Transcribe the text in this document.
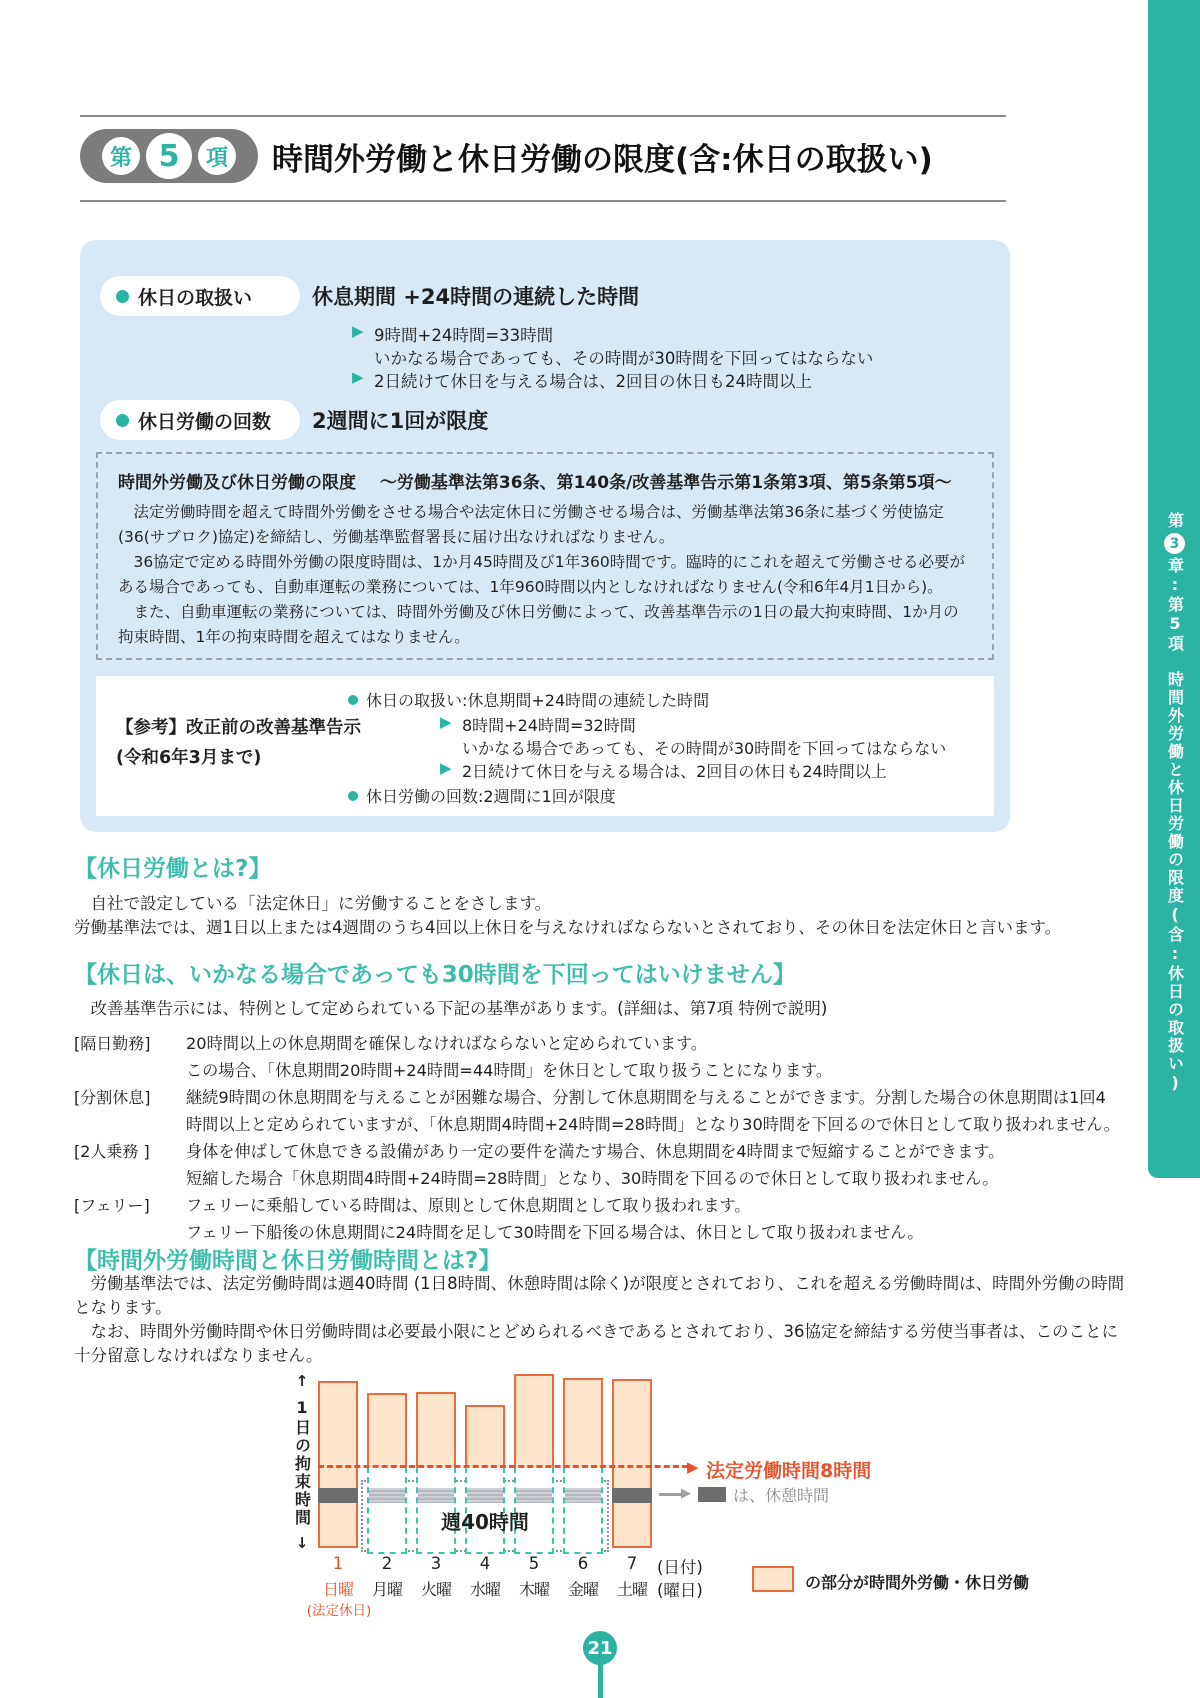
第3章:第5項　時間外労働と休日労働の限度(含:休日の取扱い)
第 5	項 時間外労働と休日労働の限度(含:休日の取扱い)
休日の取扱い	休息期間 +24時間の連続した時間
▶ 9時間+24時間=33時間
いかなる場合であっても、その時間が30時間を下回ってはならない
▶ 2日続けて休日を与える場合は、2回目の休日も24時間以上
休日労働の回数 2週間に1回が限度
時間外労働及び休日労働の限度 〜労働基準法第36条、第140条/改善基準告示第1条第3項、第5条第5項〜

法定労働時間を超えて時間外労働をさせる場合や法定休日に労働させる場合は、労働基準法第36条に基づく労使協定(36(サブロク)協定)を締結し、労働基準監督署長に届け出なければなりません。

36協定で定める時間外労働の限度時間は、1か月45時間及び1年360時間です。臨時的にこれを超えて労働させる必要がある場合であっても、自動車運転の業務については、1年960時間以内としなければなりません(令和6年4月1日から)。

また、自動車運転の業務については、時間外労働及び休日労働によって、改善基準告示の1日の最大拘束時間、1か月の拘束時間、1年の拘束時間を超えてはなりません。

【参考】改正前の改善基準告示
(令和6年3月まで)
休日の取扱い:休息期間+24時間の連続した時間
▶ 8時間+24時間=32時間
いかなる場合であっても、その時間が30時間を下回ってはならない
▶ 2日続けて休日を与える場合は、2回目の休日も24時間以上
休日労働の回数:2週間に1回が限度
【休日労働とは?】

　自社で設定している「法定休日」に労働することをさします。

労働基準法では、週1日以上または4週間のうち4回以上休日を与えなければならないとされており、その休日を法定休日と言います。

【休日は、いかなる場合であっても30時間を下回ってはいけません】

　改善基準告示には、特例として定められている下記の基準があります。(詳細は、第7項 特例で説明)

[隔日勤務]	20時間以上の休息期間を確保しなければならないと定められています。
この場合、「休息期間20時間+24時間=44時間」を休日として取り扱うことになります。
[分割休息]	継続9時間の休息期間を与えることが困難な場合、分割して休息期間を与えることができます。分割した場合の休息期間は1回4
時間以上と定められていますが、「休息期間4時間+24時間=28時間」となり30時間を下回るので休日として取り扱われません。
[2人乗務 ]	身体を伸ばして休息できる設備があり一定の要件を満たす場合、休息期間を4時間まで短縮することができます。
短縮した場合「休息期間4時間+24時間=28時間」となり、30時間を下回るので休日として取り扱われません。
[フェリー]	フェリーに乗船している時間は、原則として休息期間として取り扱われます。
フェリー下船後の休息期間に24時間を足して30時間を下回る場合は、休日として取り扱われません。
【時間外労働時間と休日労働時間とは?】

　労働基準法では、法定労働時間は週40時間 (1日8時間、休憩時間は除く)が限度とされており、これを超える労働時間は、時間外労働の時間となります。

　なお、時間外労働時間や休日労働時間は必要最小限にとどめられるべきであるとされており、36協定を締結する労使当事者は、このことに十分留意しなければなりません。

↑
1日の拘束時間
↓
1
日曜
2
月曜
3
火曜
4
水曜
5
木曜
6
金曜
7
土曜
▶ 法定労働時間8時間
▶	は、休憩時間
週40時間
(日付)
(曜日)
(法定休日)
の部分が時間外労働・休日労働
21
